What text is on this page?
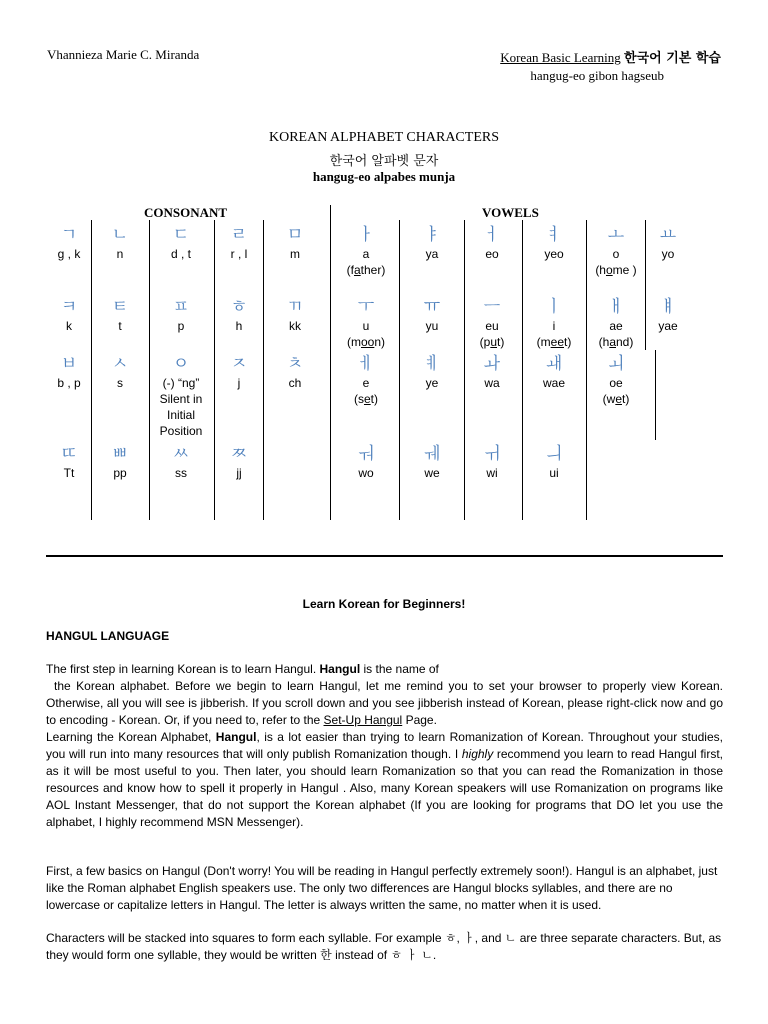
Vhannieza Marie C. Miranda	Korean Basic Learning 한국어 기본 학습
hangug-eo gibon hagseub
KOREAN ALPHABET CHARACTERS
한국어 알파벳 문자
hangug-eo alpabes munja
CONSONANT	VOWELS
ㄱ
g , k
ㄴ
n
ㄷ
d , t
ㄹ
r , l
ㅁ
m
ㅏ
a
(father)
ㅑ
ya
ㅓ
eo
ㅕ
yeo
ㅗ
o
(home )
ㅛ
yo
ㅋ
k
ㅌ
t
ㅍ
p
ㅎ
h
ㄲ
kk
ㅜ
u
(moon)
ㅠ
yu
ㅡ
eu
(put)
ㅣ
i
(meet)
ㅐ
ae
(hand)
ㅒ
yae
ㅂ
b , p
ㅅ
s
ㅇ
(-) “ng” Silent in Initial Position
ㅈ
j
ㅊ
ch
ㅔ
e
(set)
ㅖ
ye
ㅘ
wa
ㅙ
wae
ㅚ
oe
(wet)
ㄸ
Tt
ㅃ
pp
ㅆ
ss
ㅉ
jj
ㅝ
wo
ㅞ
we
ㅟ
wi
ㅢ
ui
Learn Korean for Beginners!
HANGUL LANGUAGE
The first step in learning Korean is to learn Hangul. Hangul is the name of
the Korean alphabet. Before we begin to learn Hangul, let me remind you to set your browser to properly view Korean. Otherwise, all you will see is jibberish. If you scroll down and you see jibberish instead of Korean, please right-click now and go to encoding - Korean. Or, if you need to, refer to the Set-Up Hangul Page.
Learning the Korean Alphabet, Hangul, is a lot easier than trying to learn Romanization of Korean. Throughout your studies, you will run into many resources that will only publish Romanization though. I highly recommend you learn to read Hangul first, as it will be most useful to you. Then later, you should learn Romanization so that you can read the Romanization in those resources and know how to spell it properly in Hangul . Also, many Korean speakers will use Romanization on programs like AOL Instant Messenger, that do not support the Korean alphabet (If you are looking for programs that DO let you use the alphabet, I highly recommend MSN Messenger).
First, a few basics on Hangul (Don't worry! You will be reading in Hangul perfectly extremely soon!). Hangul is an alphabet, just like the Roman alphabet English speakers use. The only two differences are Hangul blocks syllables, and there are no lowercase or capitalize letters in Hangul. The letter is always written the same, no matter when it is used.
Characters will be stacked into squares to form each syllable. For example ㅎ, ㅏ, and ㄴ are three separate characters. But, as they would form one syllable, they would be written 한 instead of ㅎ ㅏ ㄴ.
